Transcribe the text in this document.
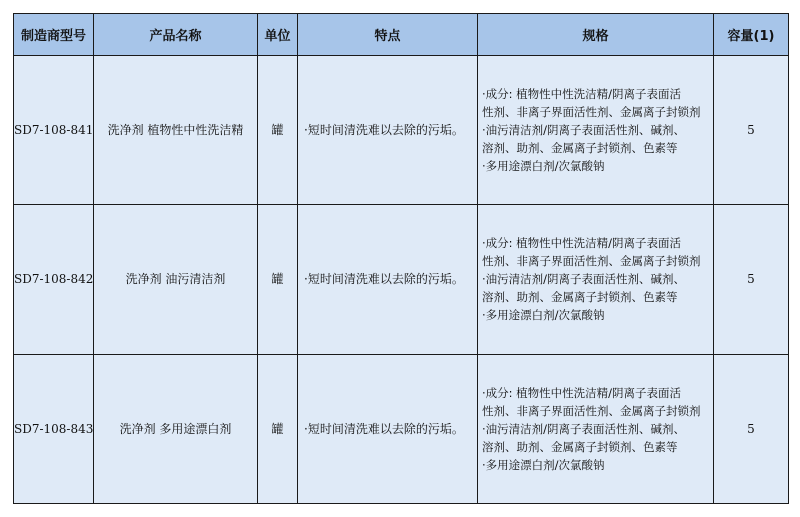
制造商型号	产品名称	单位	特点	规格	容量(1)
SD7-108-841	洗净剂 植物性中性洗洁精	罐	·短时间清洗难以去除的污垢。	·成分: 植物性中性洗洁精/阴离子表面活
性剂、非离子界面活性剂、金属离子封锁剂
·油污清洁剂/阴离子表面活性剂、碱剂、
溶剂、助剂、金属离子封锁剂、色素等
·多用途漂白剂/次氯酸钠	5
SD7-108-842	洗净剂 油污清洁剂	罐	·短时间清洗难以去除的污垢。	·成分: 植物性中性洗洁精/阴离子表面活
性剂、非离子界面活性剂、金属离子封锁剂
·油污清洁剂/阴离子表面活性剂、碱剂、
溶剂、助剂、金属离子封锁剂、色素等
·多用途漂白剂/次氯酸钠	5
SD7-108-843	洗净剂 多用途漂白剂	罐	·短时间清洗难以去除的污垢。	·成分: 植物性中性洗洁精/阴离子表面活
性剂、非离子界面活性剂、金属离子封锁剂
·油污清洁剂/阴离子表面活性剂、碱剂、
溶剂、助剂、金属离子封锁剂、色素等
·多用途漂白剂/次氯酸钠	5
